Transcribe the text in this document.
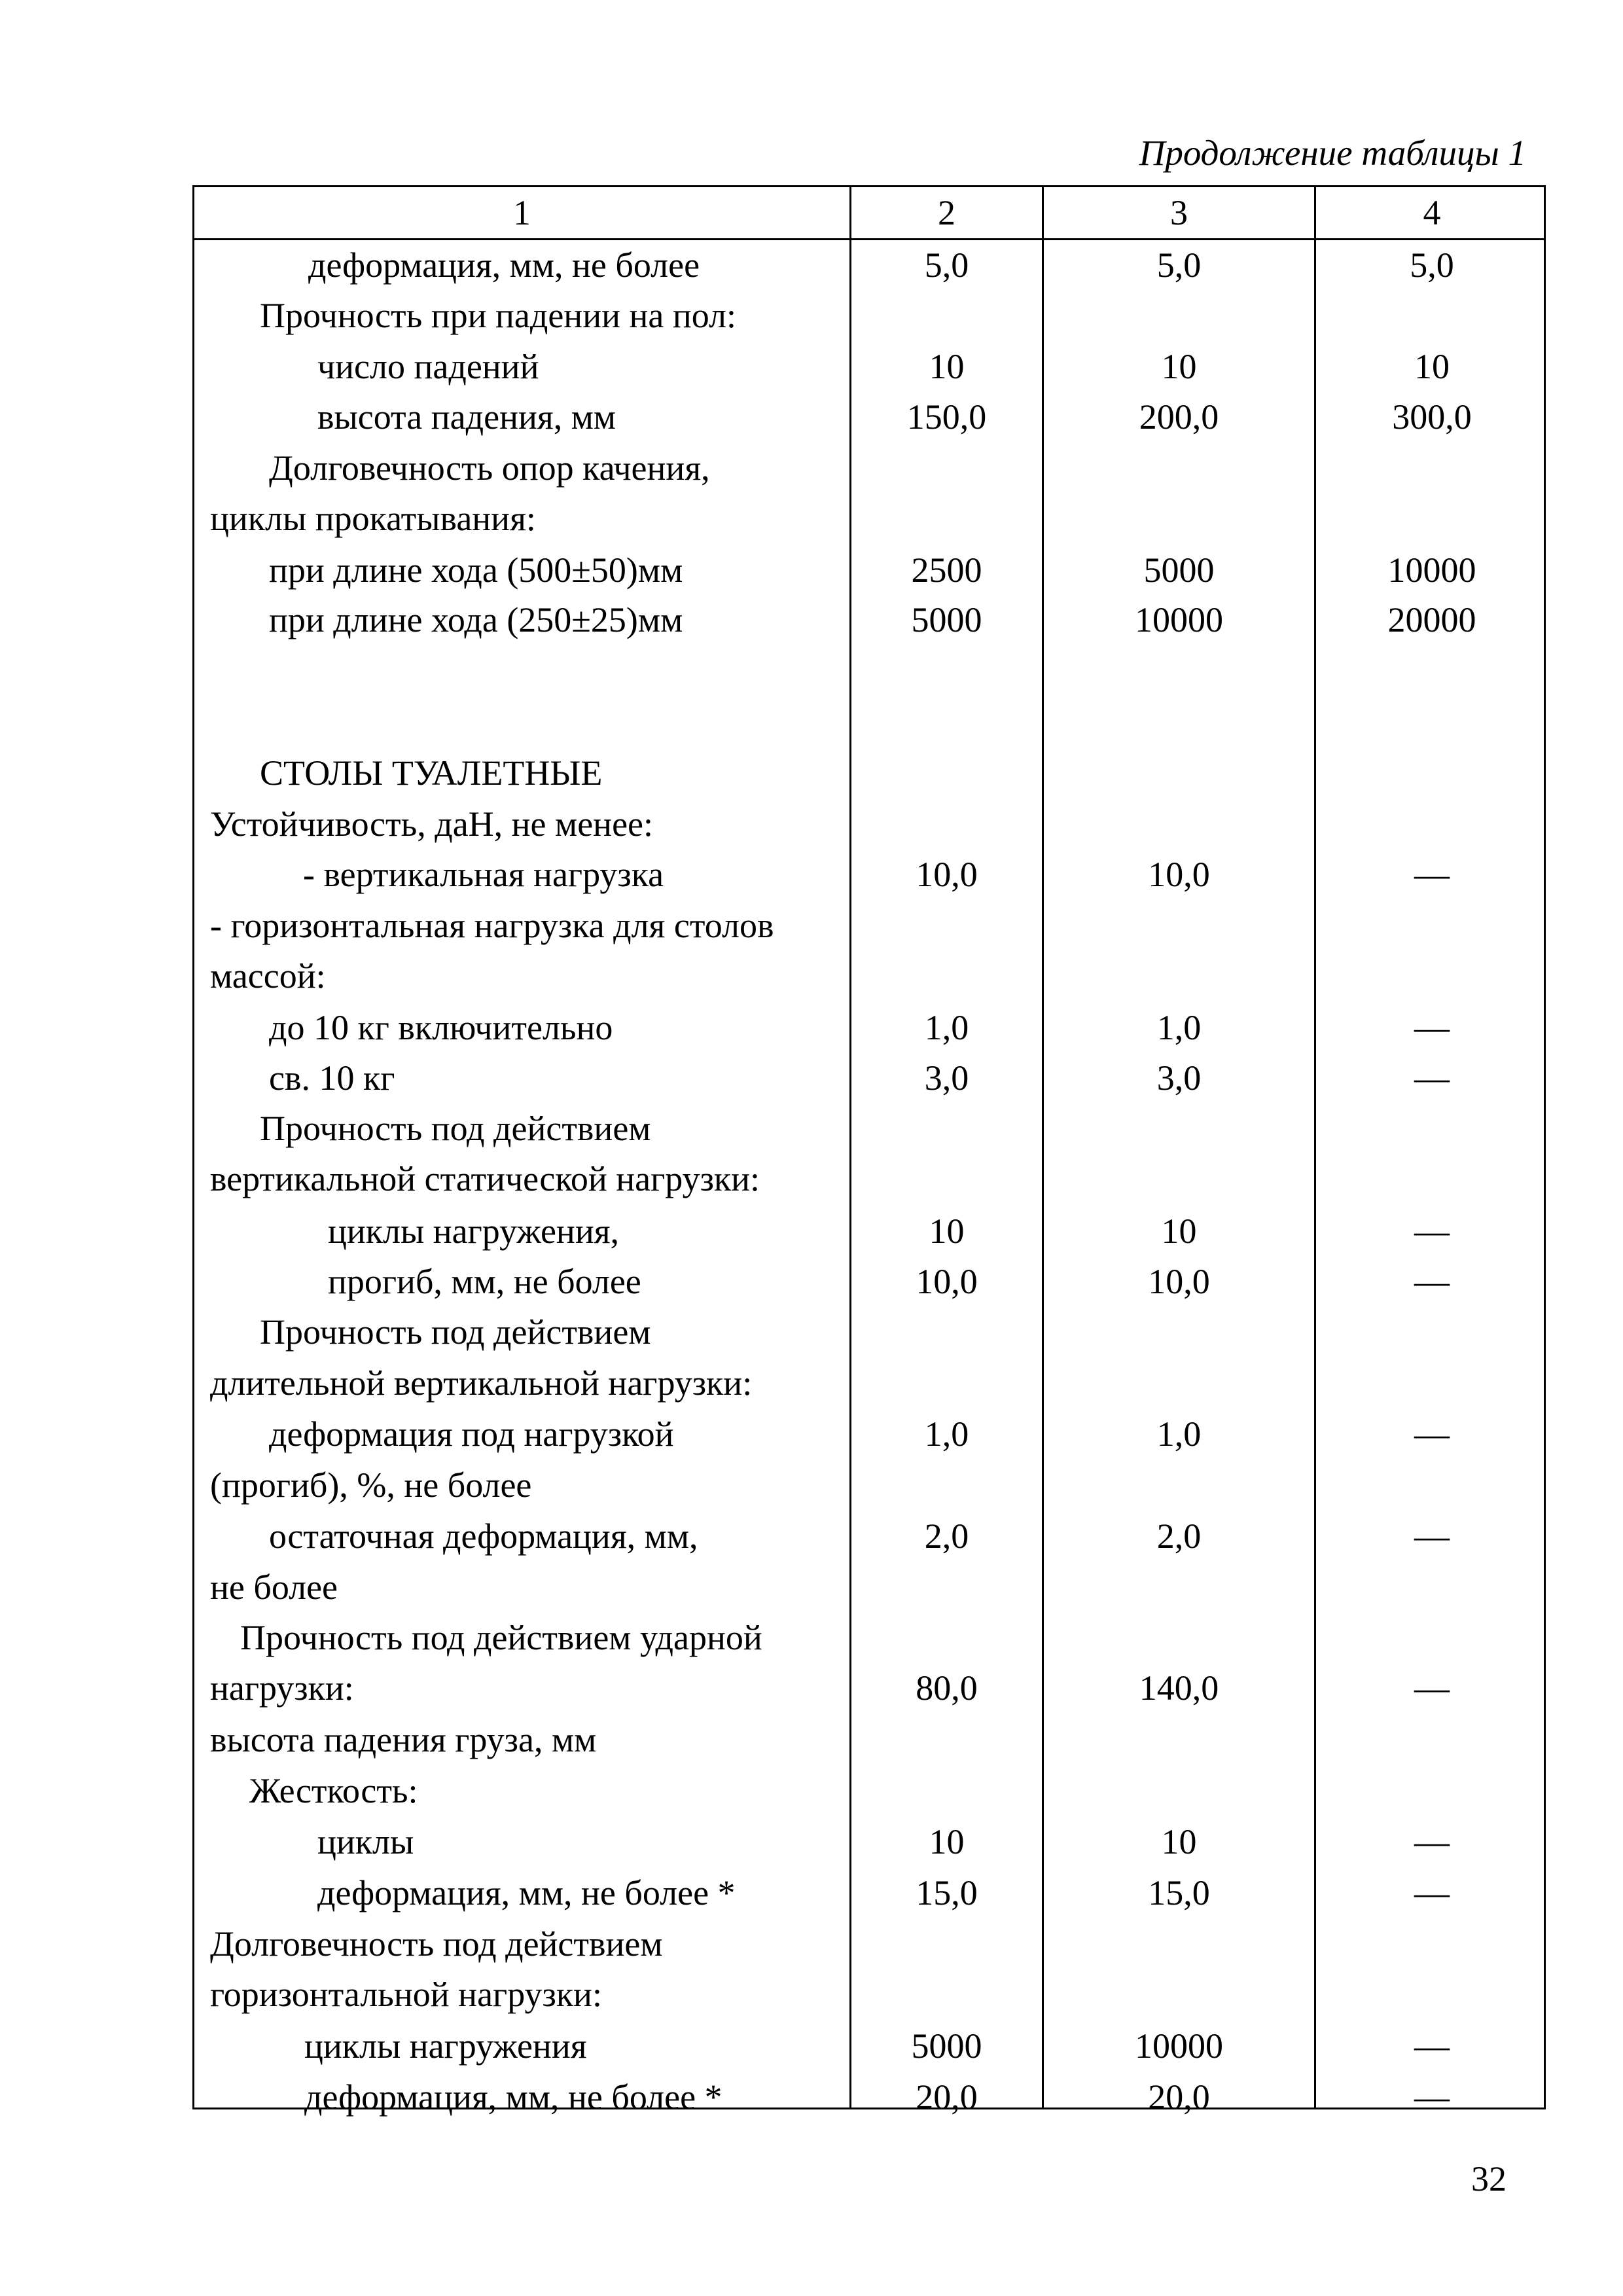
Продолжение таблицы 1
1	2	3	4
деформация, мм, не более	5,0	5,0	5,0
Прочность при падении на пол:
число падений	10	10	10
высота падения, мм	150,0	200,0	300,0
Долговечность опор качения,
циклы прокатывания:
при длине хода (500±50)мм	2500	5000	10000
при длине хода (250±25)мм	5000	10000	20000
СТОЛЫ ТУАЛЕТНЫЕ
Устойчивость, даН, не менее:
- вертикальная нагрузка	10,0	10,0	—
- горизонтальная нагрузка для столов
массой:
до 10 кг включительно	1,0	1,0	—
св. 10 кг	3,0	3,0	—
Прочность под действием
вертикальной статической нагрузки:
циклы нагружения,	10	10	—
прогиб, мм, не более	10,0	10,0	—
Прочность под действием
длительной вертикальной нагрузки:
деформация под нагрузкой	1,0	1,0	—
(прогиб), %, не более
остаточная деформация, мм,	2,0	2,0	—
не более
Прочность под действием ударной
нагрузки:	80,0	140,0	—
высота падения груза, мм
Жесткость:
циклы	10	10	—
деформация, мм, не более *	15,0	15,0	—
Долговечность под действием
горизонтальной нагрузки:
циклы нагружения	5000	10000	—
деформация, мм, не более *	20,0	20,0	—
32
